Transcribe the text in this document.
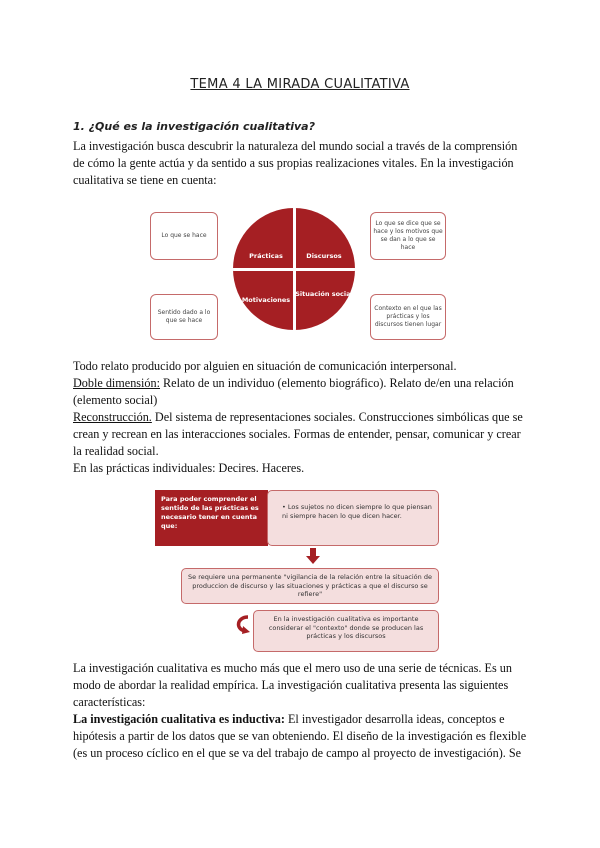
TEMA 4 LA MIRADA CUALITATIVA
1. ¿Qué es la investigación cualitativa?

La investigación busca descubrir la naturaleza del mundo social a través de la comprensión de cómo la gente actúa y da sentido a sus propias realizaciones vitales. En la investigación cualitativa se tiene en cuenta:

Lo que se hace
Lo que se dice que se hace y los motivos que se dan a lo que se hace
Sentido dado a lo que se hace
Contexto en el que las prácticas y los discursos tienen lugar
Prácticas	Discursos
Motivaciones
Situación social

Todo relato producido por alguien en situación de comunicación interpersonal.

Doble dimensión: Relato de un individuo (elemento biográfico). Relato de/en una relación (elemento social)

Reconstrucción. Del sistema de representaciones sociales. Construcciones simbólicas que se crean y recrean en las interacciones sociales. Formas de entender, pensar, comunicar y crear la realidad social.

En las prácticas individuales: Decires. Haceres.

Para poder comprender el sentido de las prácticas es necesario tener en cuenta que:
• Los sujetos no dicen siempre lo que piensan ni siempre hacen lo que dicen hacer.
Se requiere una permanente "vigilancia de la relación entre la situación de produccion de discurso y las situaciones y prácticas a que el discurso se refiere"
En la investigación cualitativa es importante considerar el "contexto" donde se producen las prácticas y los discursos

La investigación cualitativa es mucho más que el mero uso de una serie de técnicas. Es un modo de abordar la realidad empírica. La investigación cualitativa presenta las siguientes características:

La investigación cualitativa es inductiva: El investigador desarrolla ideas, conceptos e hipótesis a partir de los datos que se van obteniendo. El diseño de la investigación es flexible (es un proceso cíclico en el que se va del trabajo de campo al proyecto de investigación). Se
